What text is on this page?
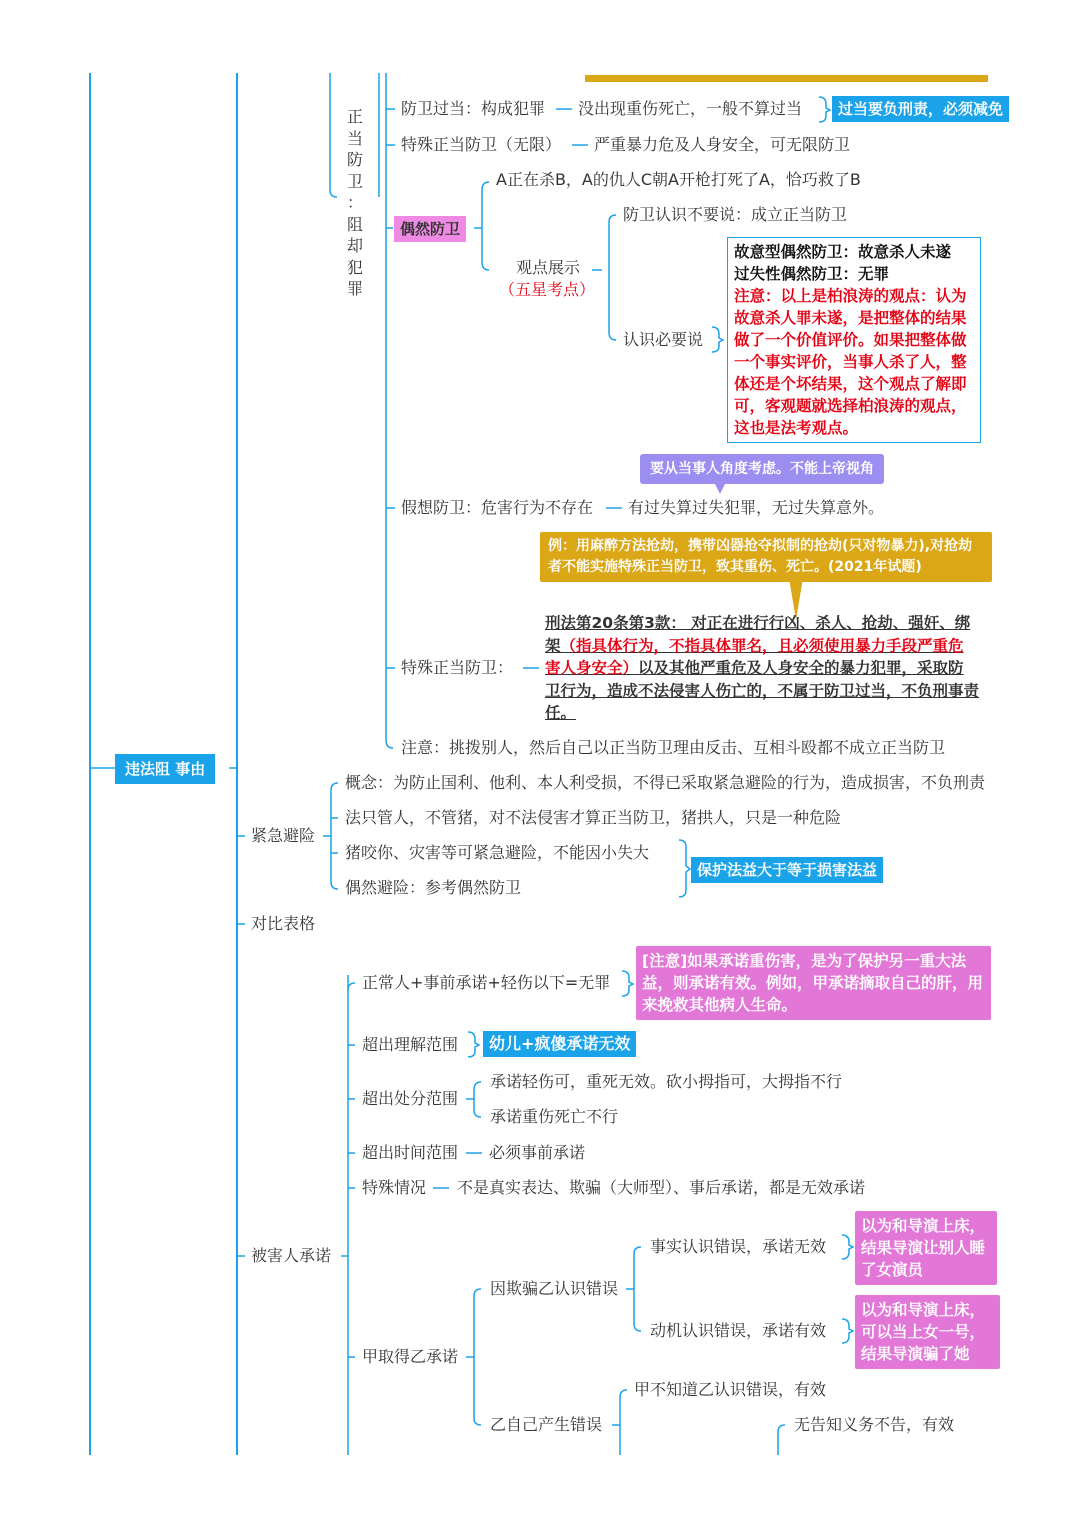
违法阻 事由
正
当
防
卫
：
阻
却
犯
罪
防卫过当：构成犯罪 没出现重伤死亡，一般不算过当	过当要负刑责，必须减免
特殊正当防卫（无限） 严重暴力危及人身安全，可无限防卫
偶然防卫
A正在杀B，A的仇人C朝A开枪打死了A，恰巧救了B
观点展示
（五星考点）
防卫认识不要说：成立正当防卫
认识必要说
故意型偶然防卫：故意杀人未遂
过失性偶然防卫：无罪
注意：以上是柏浪涛的观点：认为故意杀人罪未遂，是把整体的结果做了一个价值评价。如果把整体做一个事实评价，当事人杀了人，整体还是个坏结果，这个观点了解即可，客观题就选择柏浪涛的观点，这也是法考观点。
要从当事人角度考虑。不能上帝视角
假想防卫：危害行为不存在 有过失算过失犯罪，无过失算意外。
例：用麻醉方法抢劫，携带凶器抢夺拟制的抢劫(只对物暴力),对抢劫者不能实施特殊正当防卫，致其重伤、死亡。(2021年试题)
特殊正当防卫：
刑法第20条第3款： 对正在进行行凶、杀人、抢劫、强奸、绑架（指具体行为，不指具体罪名，且必须使用暴力手段严重危害人身安全）以及其他严重危及人身安全的暴力犯罪，采取防卫行为，造成不法侵害人伤亡的，不属于防卫过当，不负刑事责任。
注意：挑拨别人，然后自己以正当防卫理由反击、互相斗殴都不成立正当防卫
紧急避险
概念：为防止国利、他利、本人利受损，不得已采取紧急避险的行为，造成损害，不负刑责
法只管人，不管猪，对不法侵害才算正当防卫，猪拱人，只是一种危险
猪咬你、灾害等可紧急避险，不能因小失大
偶然避险：参考偶然防卫
保护法益大于等于损害法益
对比表格
被害人承诺
正常人+事前承诺+轻伤以下=无罪
[注意]如果承诺重伤害，是为了保护另一重大法益，则承诺有效。例如，甲承诺摘取自己的肝，用来挽救其他病人生命。
超出理解范围	幼儿+疯傻承诺无效
超出处分范围
承诺轻伤可，重死无效。砍小拇指可，大拇指不行
承诺重伤死亡不行
超出时间范围 必须事前承诺
特殊情况 不是真实表达、欺骗（大师型）、事后承诺，都是无效承诺
甲取得乙承诺
因欺骗乙认识错误
事实认识错误，承诺无效
以为和导演上床，结果导演让别人睡了女演员
动机认识错误，承诺有效
以为和导演上床，可以当上女一号，结果导演骗了她
乙自己产生错误
甲不知道乙认识错误，有效
无告知义务不告，有效
